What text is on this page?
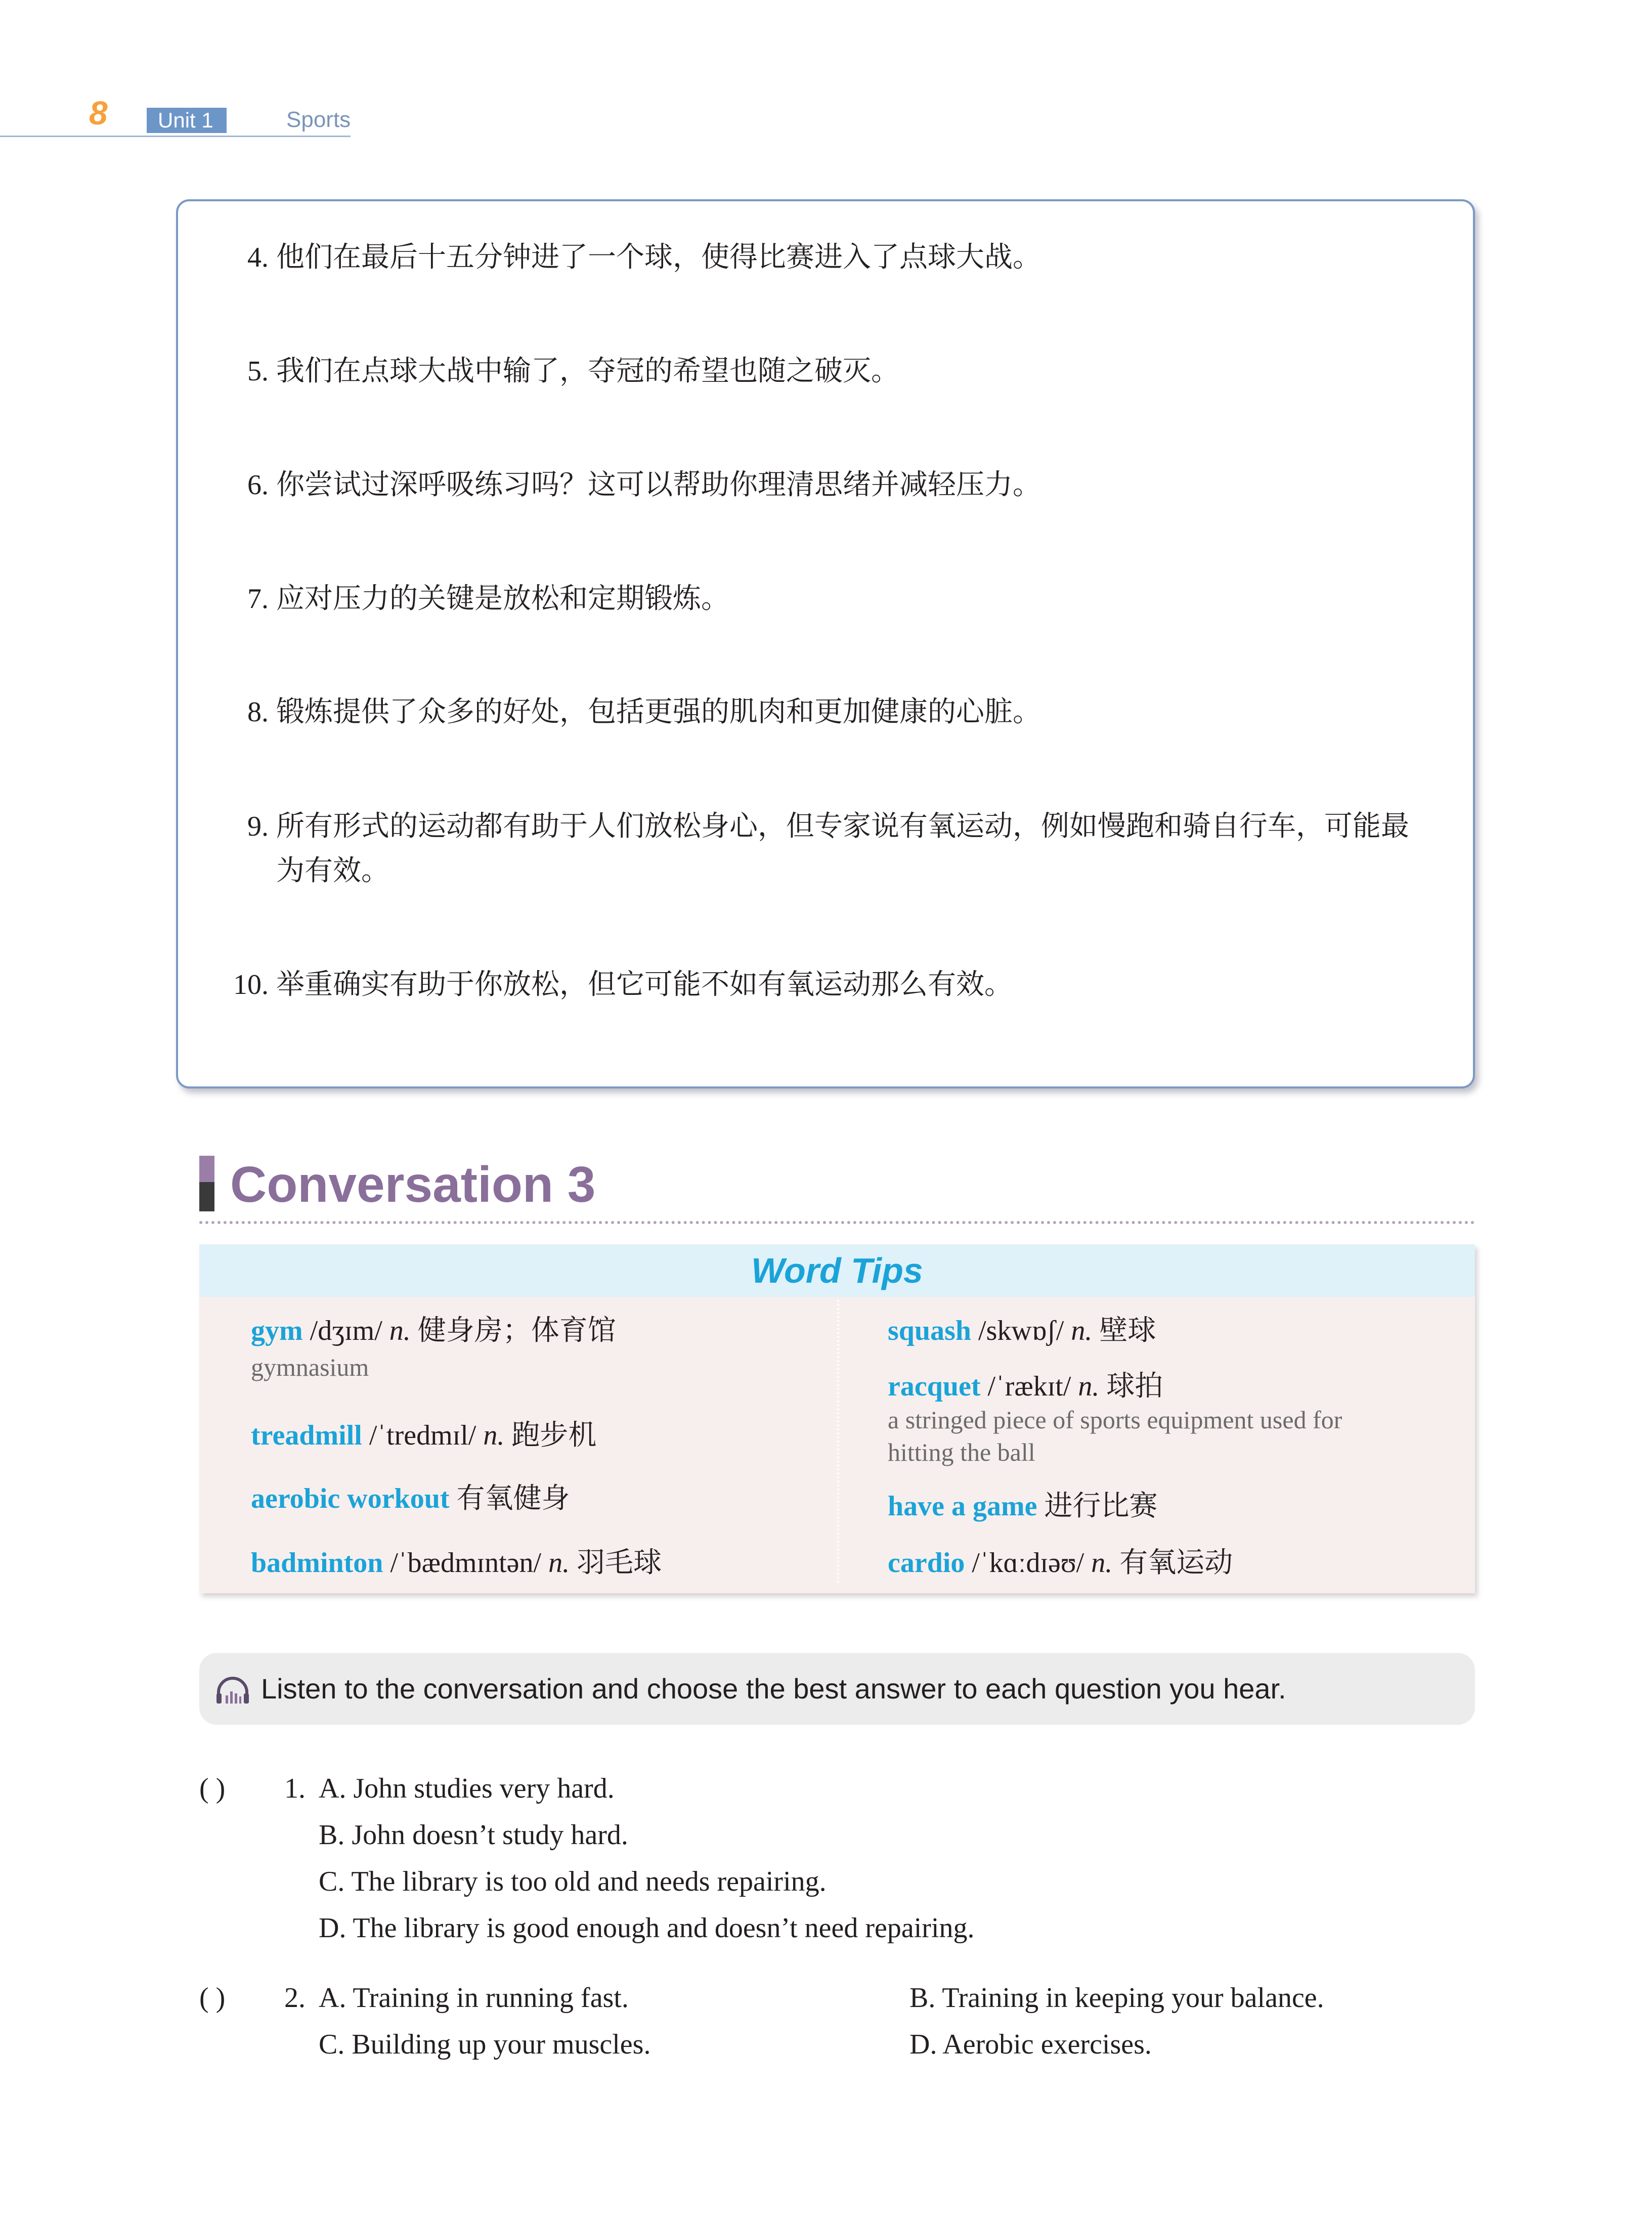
8	Unit 1	Sports
4. 他们在最后十五分钟进了一个球，使得比赛进入了点球大战。
5. 我们在点球大战中输了，夺冠的希望也随之破灭。
6. 你尝试过深呼吸练习吗？这可以帮助你理清思绪并减轻压力。
7. 应对压力的关键是放松和定期锻炼。
8. 锻炼提供了众多的好处，包括更强的肌肉和更加健康的心脏。
9. 所有形式的运动都有助于人们放松身心，但专家说有氧运动，例如慢跑和骑自行车，可能最
为有效。
10. 举重确实有助于你放松，但它可能不如有氧运动那么有效。
Conversation 3
Word Tips
gym /dʒɪm/ n. 健身房；体育馆
gymnasium
treadmill /ˈtredmɪl/ n. 跑步机
aerobic workout 有氧健身
badminton /ˈbædmɪntən/ n. 羽毛球
squash /skwɒʃ/ n. 壁球
racquet /ˈrækɪt/ n. 球拍
a stringed piece of sports equipment used for
hitting the ball
have a game 进行比赛
cardio /ˈkɑːdɪəʊ/ n. 有氧运动
Listen to the conversation and choose the best answer to each question you hear.
( ) 1. A. John studies very hard.
B. John doesn’t study hard.
C. The library is too old and needs repairing.
D. The library is good enough and doesn’t need repairing.
( ) 2. A. Training in running fast.	B. Training in keeping your balance.
C. Building up your muscles.	D. Aerobic exercises.
